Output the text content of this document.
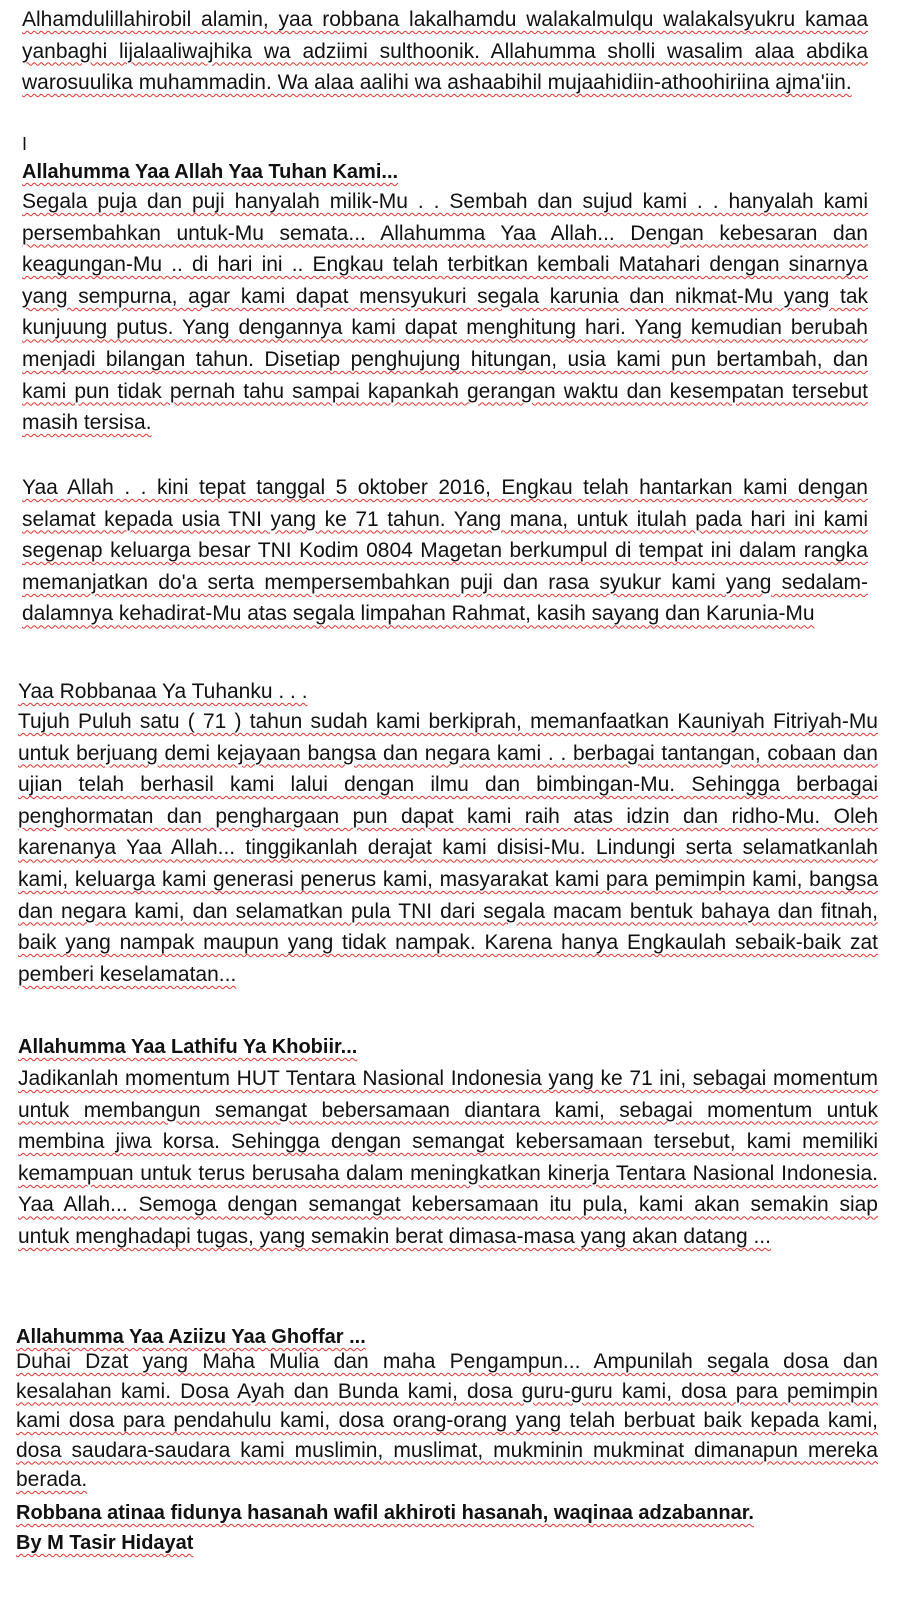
Alhamdulillahirobil alamin, yaa robbana lakalhamdu walakalmulqu walakalsyukru kamaa yanbaghi lijalaaliwajhika wa adziimi sulthoonik. Allahumma sholli wasalim alaa abdika warosuulika muhammadin. Wa alaa aalihi wa ashaabihil mujaahidiin-athoohiriina ajma'iin.

I
Allahumma Yaa Allah Yaa Tuhan Kami...

Segala puja dan puji hanyalah milik-Mu . . Sembah dan sujud kami . . hanyalah kami persembahkan untuk-Mu semata... Allahumma Yaa Allah... Dengan kebesaran dan keagungan-Mu .. di hari ini .. Engkau telah terbitkan kembali Matahari dengan sinarnya yang sempurna, agar kami dapat mensyukuri segala karunia dan nikmat-Mu yang tak kunjuung putus. Yang dengannya kami dapat menghitung hari. Yang kemudian berubah menjadi bilangan tahun. Disetiap penghujung hitungan, usia kami pun bertambah, dan kami pun tidak pernah tahu sampai kapankah gerangan waktu dan kesempatan tersebut masih tersisa.

Yaa Allah . . kini tepat tanggal 5 oktober 2016, Engkau telah hantarkan kami dengan selamat kepada usia TNI yang ke 71 tahun. Yang mana, untuk itulah pada hari ini kami segenap keluarga besar TNI Kodim 0804 Magetan berkumpul di tempat ini dalam rangka memanjatkan do'a serta mempersembahkan puji dan rasa syukur kami yang sedalam-dalamnya kehadirat-Mu atas segala limpahan Rahmat, kasih sayang dan Karunia-Mu

Yaa Robbanaa Ya Tuhanku . . .

Tujuh Puluh satu ( 71 ) tahun sudah kami berkiprah, memanfaatkan Kauniyah Fitriyah-Mu untuk berjuang demi kejayaan bangsa dan negara kami . . berbagai tantangan, cobaan dan ujian telah berhasil kami lalui dengan ilmu dan bimbingan-Mu. Sehingga berbagai penghormatan dan penghargaan pun dapat kami raih atas idzin dan ridho-Mu. Oleh karenanya Yaa Allah... tinggikanlah derajat kami disisi-Mu. Lindungi serta selamatkanlah kami, keluarga kami generasi penerus kami, masyarakat kami para pemimpin kami, bangsa dan negara kami, dan selamatkan pula TNI dari segala macam bentuk bahaya dan fitnah, baik yang nampak maupun yang tidak nampak. Karena hanya Engkaulah sebaik-baik zat pemberi keselamatan...

Allahumma Yaa Lathifu Ya Khobiir...

Jadikanlah momentum HUT Tentara Nasional Indonesia yang ke 71 ini, sebagai momentum untuk membangun semangat bebersamaan diantara kami, sebagai momentum untuk membina jiwa korsa. Sehingga dengan semangat kebersamaan tersebut, kami memiliki kemampuan untuk terus berusaha dalam meningkatkan kinerja Tentara Nasional Indonesia. Yaa Allah... Semoga dengan semangat kebersamaan itu pula, kami akan semakin siap untuk menghadapi tugas, yang semakin berat dimasa-masa yang akan datang ...

Allahumma Yaa Aziizu Yaa Ghoffar ...

Duhai Dzat yang Maha Mulia dan maha Pengampun... Ampunilah segala dosa dan kesalahan kami. Dosa Ayah dan Bunda kami, dosa guru-guru kami, dosa para pemimpin kami dosa para pendahulu kami, dosa orang-orang yang telah berbuat baik kepada kami, dosa saudara-saudara kami muslimin, muslimat, mukminin mukminat dimanapun mereka berada.

Robbana atinaa fidunya hasanah wafil akhiroti hasanah, waqinaa adzabannar.
By M Tasir Hidayat
